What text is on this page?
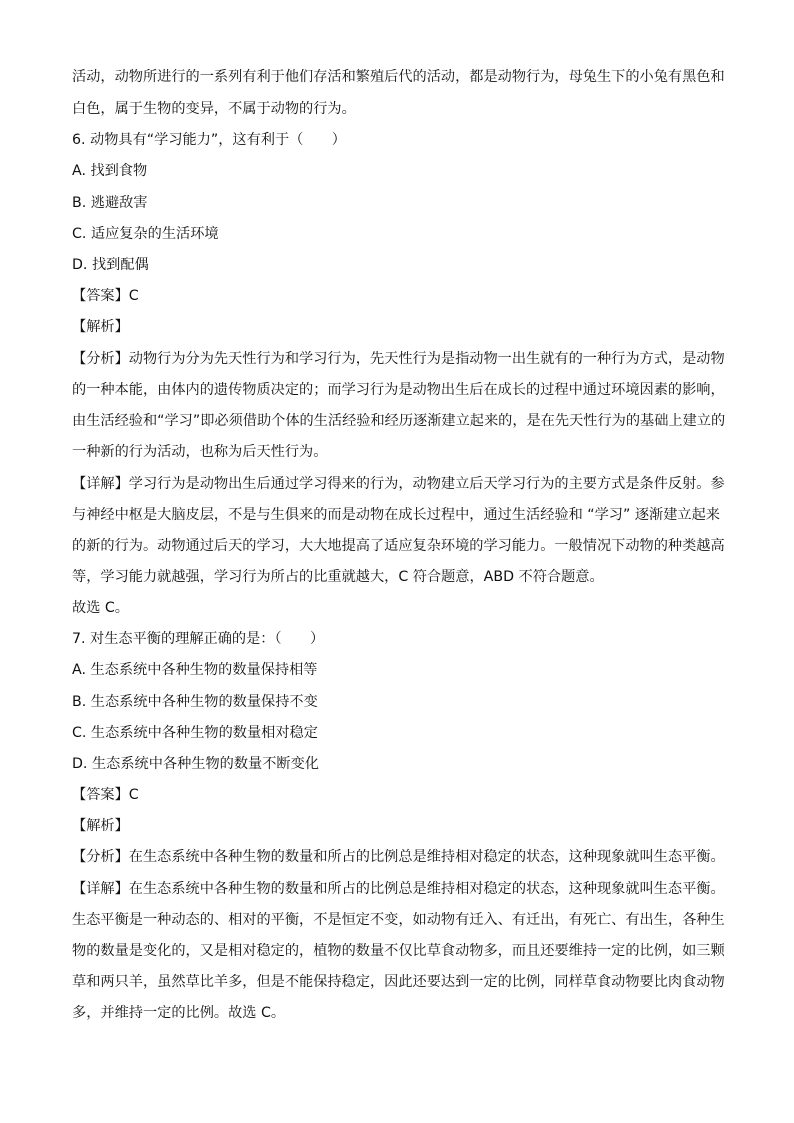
活动，动物所进行的一系列有利于他们存活和繁殖后代的活动，都是动物行为，母兔生下的小兔有黑色和
白色，属于生物的变异，不属于动物的行为。
6. 动物具有“学习能力”，这有利于（　　）
A. 找到食物
B. 逃避敌害
C. 适应复杂的生活环境
D. 找到配偶
【答案】C
【解析】
【分析】动物行为分为先天性行为和学习行为，先天性行为是指动物一出生就有的一种行为方式，是动物
的一种本能，由体内的遗传物质决定的；而学习行为是动物出生后在成长的过程中通过环境因素的影响，
由生活经验和“学习”即必须借助个体的生活经验和经历逐渐建立起来的，是在先天性行为的基础上建立的
一种新的行为活动，也称为后天性行为。
【详解】学习行为是动物出生后通过学习得来的行为，动物建立后天学习行为的主要方式是条件反射。参
与神经中枢是大脑皮层，不是与生俱来的而是动物在成长过程中，通过生活经验和 “学习” 逐渐建立起来
的新的行为。动物通过后天的学习，大大地提高了适应复杂环境的学习能力。一般情况下动物的种类越高
等，学习能力就越强，学习行为所占的比重就越大，C 符合题意，ABD 不符合题意。
故选 C。
7. 对生态平衡的理解正确的是：（　　）
A. 生态系统中各种生物的数量保持相等
B. 生态系统中各种生物的数量保持不变
C. 生态系统中各种生物的数量相对稳定
D. 生态系统中各种生物的数量不断变化
【答案】C
【解析】
【分析】在生态系统中各种生物的数量和所占的比例总是维持相对稳定的状态，这种现象就叫生态平衡。
【详解】在生态系统中各种生物的数量和所占的比例总是维持相对稳定的状态，这种现象就叫生态平衡。
生态平衡是一种动态的、相对的平衡，不是恒定不变，如动物有迁入、有迁出，有死亡、有出生，各种生
物的数量是变化的，又是相对稳定的，植物的数量不仅比草食动物多，而且还要维持一定的比例，如三颗
草和两只羊，虽然草比羊多，但是不能保持稳定，因此还要达到一定的比例，同样草食动物要比肉食动物
多，并维持一定的比例。故选 C。
